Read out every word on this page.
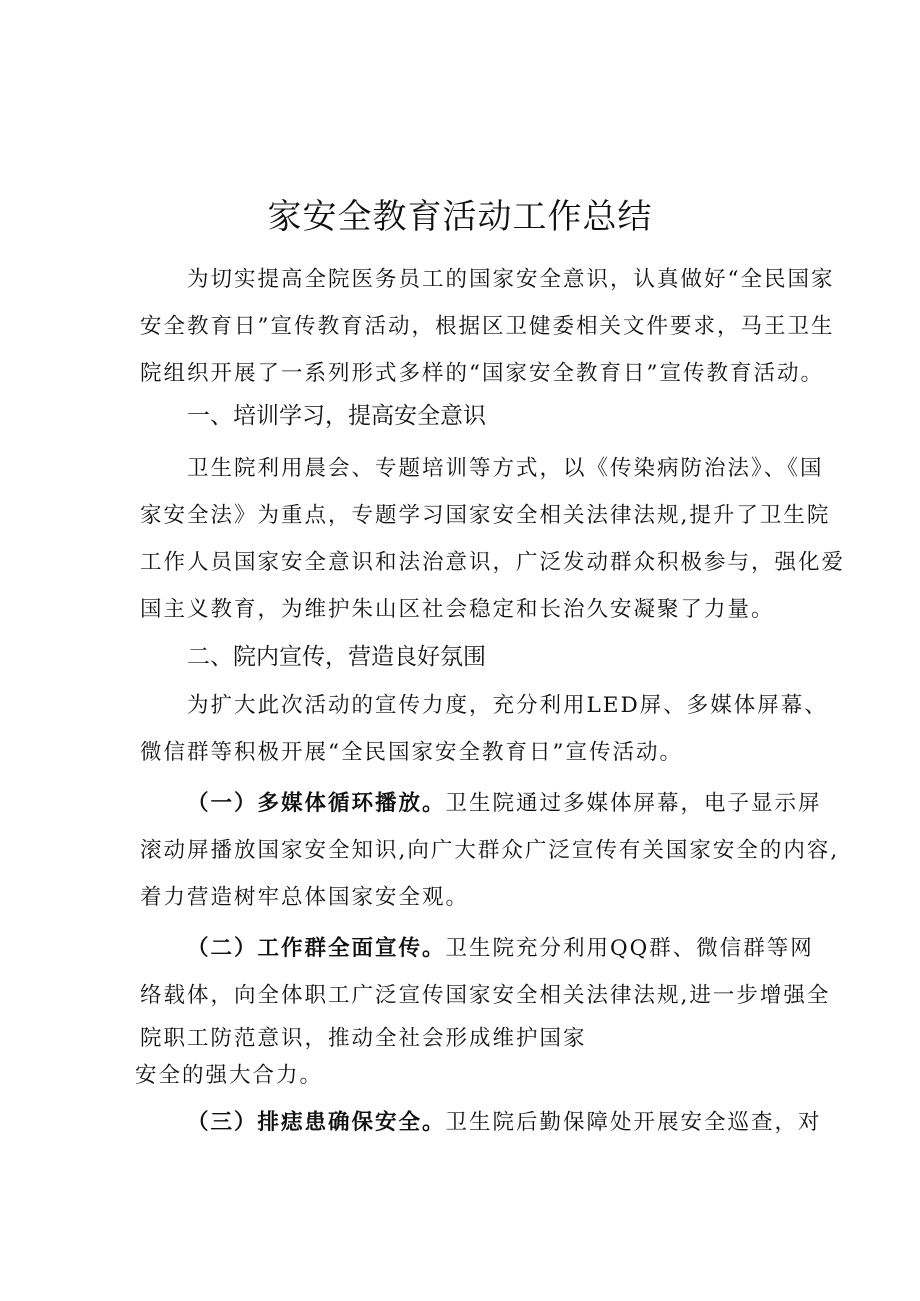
家安全教育活动工作总结
为切实提高全院医务员工的国家安全意识，认真做好“全民国家
安全教育日”宣传教育活动，根据区卫健委相关文件要求，马王卫生
院组织开展了一系列形式多样的“国家安全教育日”宣传教育活动。
一、培训学习，提高安全意识
卫生院利用晨会、专题培训等方式，以《传染病防治法》、《国
家安全法》为重点，专题学习国家安全相关法律法规,提升了卫生院
工作人员国家安全意识和法治意识，广泛发动群众积极参与，强化爱
国主义教育，为维护朱山区社会稳定和长治久安凝聚了力量。
二、院内宣传，营造良好氛围
为扩大此次活动的宣传力度，充分利用LED屏、多媒体屏幕、
微信群等积极开展“全民国家安全教育日”宣传活动。
（一）多媒体循环播放。卫生院通过多媒体屏幕，电子显示屏
滚动屏播放国家安全知识,向广大群众广泛宣传有关国家安全的内容,
着力营造树牢总体国家安全观。
（二）工作群全面宣传。卫生院充分利用QQ群、微信群等网
络载体，向全体职工广泛宣传国家安全相关法律法规,进一步增强全
院职工防范意识，推动全社会形成维护国家
安全的强大合力。
（三）排痣患确保安全。卫生院后勤保障处开展安全巡查，对
